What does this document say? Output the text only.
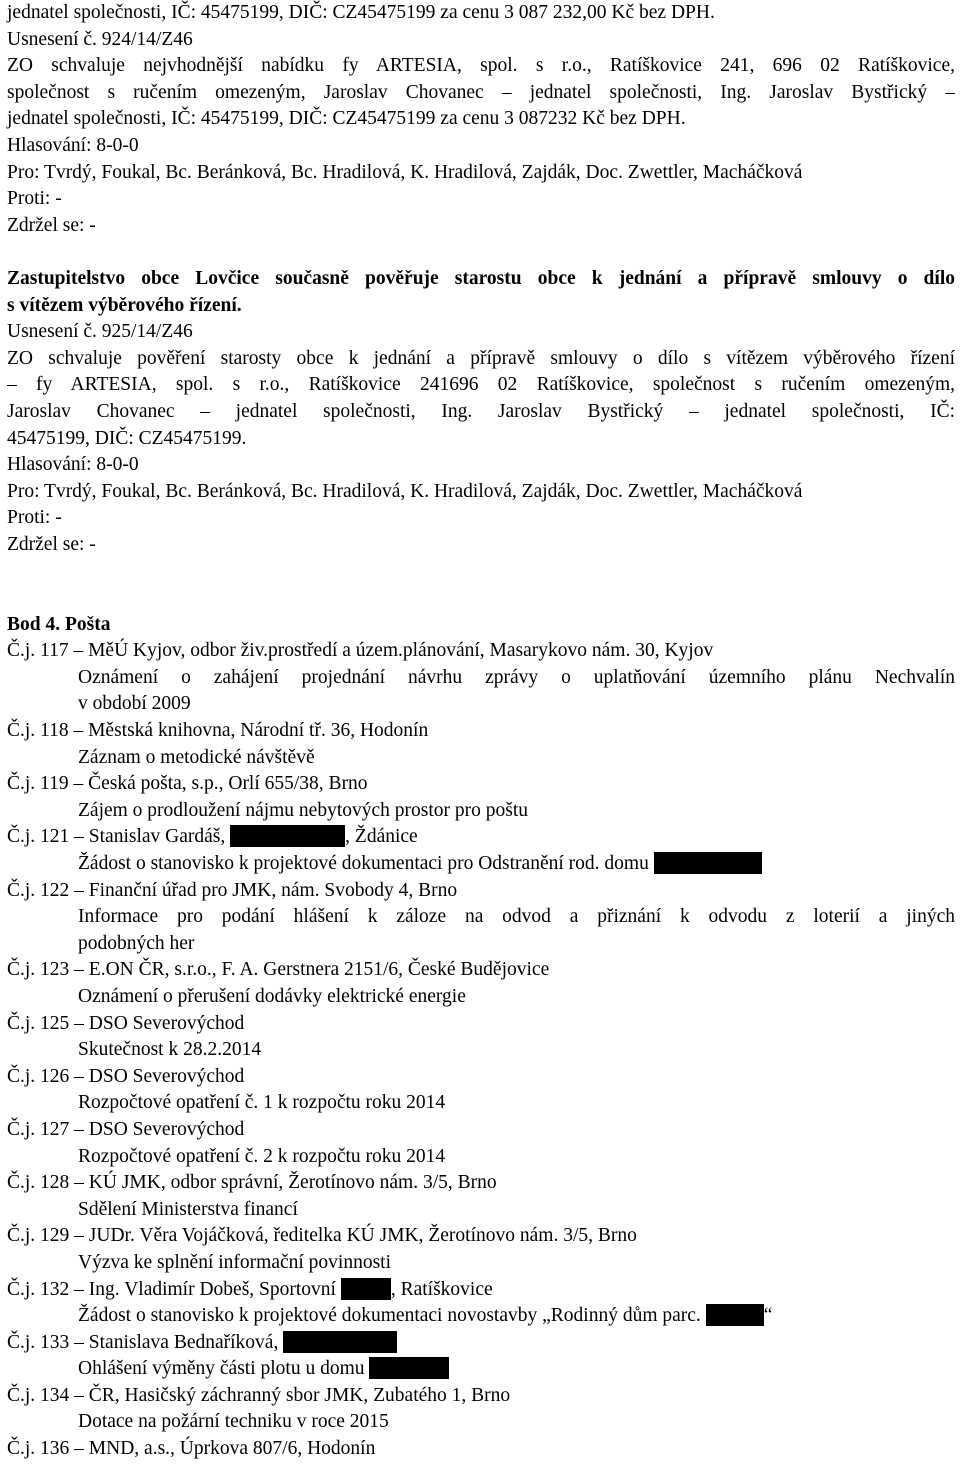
jednatel společnosti, IČ: 45475199, DIČ: CZ45475199 za cenu 3 087 232,00 Kč bez DPH.
Usnesení č. 924/14/Z46
ZO schvaluje nejvhodnější nabídku fy ARTESIA, spol. s r.o., Ratíškovice 241, 696 02 Ratíškovice,
společnost s ručením omezeným, Jaroslav Chovanec – jednatel společnosti, Ing. Jaroslav Bystřický –
jednatel společnosti, IČ: 45475199, DIČ: CZ45475199 za cenu 3 087232 Kč bez DPH.
Hlasování: 8-0-0
Pro: Tvrdý, Foukal, Bc. Beránková, Bc. Hradilová, K. Hradilová, Zajdák, Doc. Zwettler, Macháčková
Proti: -
Zdržel se: -
Zastupitelstvo obce Lovčice současně pověřuje starostu obce k jednání a přípravě smlouvy o dílo
s vítězem výběrového řízení.
Usnesení č. 925/14/Z46
ZO schvaluje pověření starosty obce k jednání a přípravě smlouvy o dílo s vítězem výběrového řízení
– fy ARTESIA, spol. s r.o., Ratíškovice 241696 02 Ratíškovice, společnost s ručením omezeným,
Jaroslav Chovanec – jednatel společnosti, Ing. Jaroslav Bystřický – jednatel společnosti, IČ:
45475199, DIČ: CZ45475199.
Hlasování: 8-0-0
Pro: Tvrdý, Foukal, Bc. Beránková, Bc. Hradilová, K. Hradilová, Zajdák, Doc. Zwettler, Macháčková
Proti: -
Zdržel se: -
Bod 4. Pošta
Č.j. 117 – MěÚ Kyjov, odbor živ.prostředí a územ.plánování, Masarykovo nám. 30, Kyjov
Oznámení o zahájení projednání návrhu zprávy o uplatňování územního plánu Nechvalín
v období 2009
Č.j. 118 – Městská knihovna, Národní tř. 36, Hodonín
Záznam o metodické návštěvě
Č.j. 119 – Česká pošta, s.p., Orlí 655/38, Brno
Zájem o prodloužení nájmu nebytových prostor pro poštu
Č.j. 121 – Stanislav Gardáš,	, Ždánice
Žádost o stanovisko k projektové dokumentaci pro Odstranění rod. domu
Č.j. 122 – Finanční úřad pro JMK, nám. Svobody 4, Brno
Informace pro podání hlášení k záloze na odvod a přiznání k odvodu z loterií a jiných
podobných her
Č.j. 123 – E.ON ČR, s.r.o., F. A. Gerstnera 2151/6, České Budějovice
Oznámení o přerušení dodávky elektrické energie
Č.j. 125 – DSO Severovýchod
Skutečnost k 28.2.2014
Č.j. 126 – DSO Severovýchod
Rozpočtové opatření č. 1 k rozpočtu roku 2014
Č.j. 127 – DSO Severovýchod
Rozpočtové opatření č. 2 k rozpočtu roku 2014
Č.j. 128 – KÚ JMK, odbor správní, Žerotínovo nám. 3/5, Brno
Sdělení Ministerstva financí
Č.j. 129 – JUDr. Věra Vojáčková, ředitelka KÚ JMK, Žerotínovo nám. 3/5, Brno
Výzva ke splnění informační povinnosti
Č.j. 132 – Ing. Vladimír Dobeš, Sportovní	, Ratíškovice
Žádost o stanovisko k projektové dokumentaci novostavby „Rodinný dům parc.	“
Č.j. 133 – Stanislava Bednaříková,
Ohlášení výměny části plotu u domu
Č.j. 134 – ČR, Hasičský záchranný sbor JMK, Zubatého 1, Brno
Dotace na požární techniku v roce 2015
Č.j. 136 – MND, a.s., Úprkova 807/6, Hodonín
